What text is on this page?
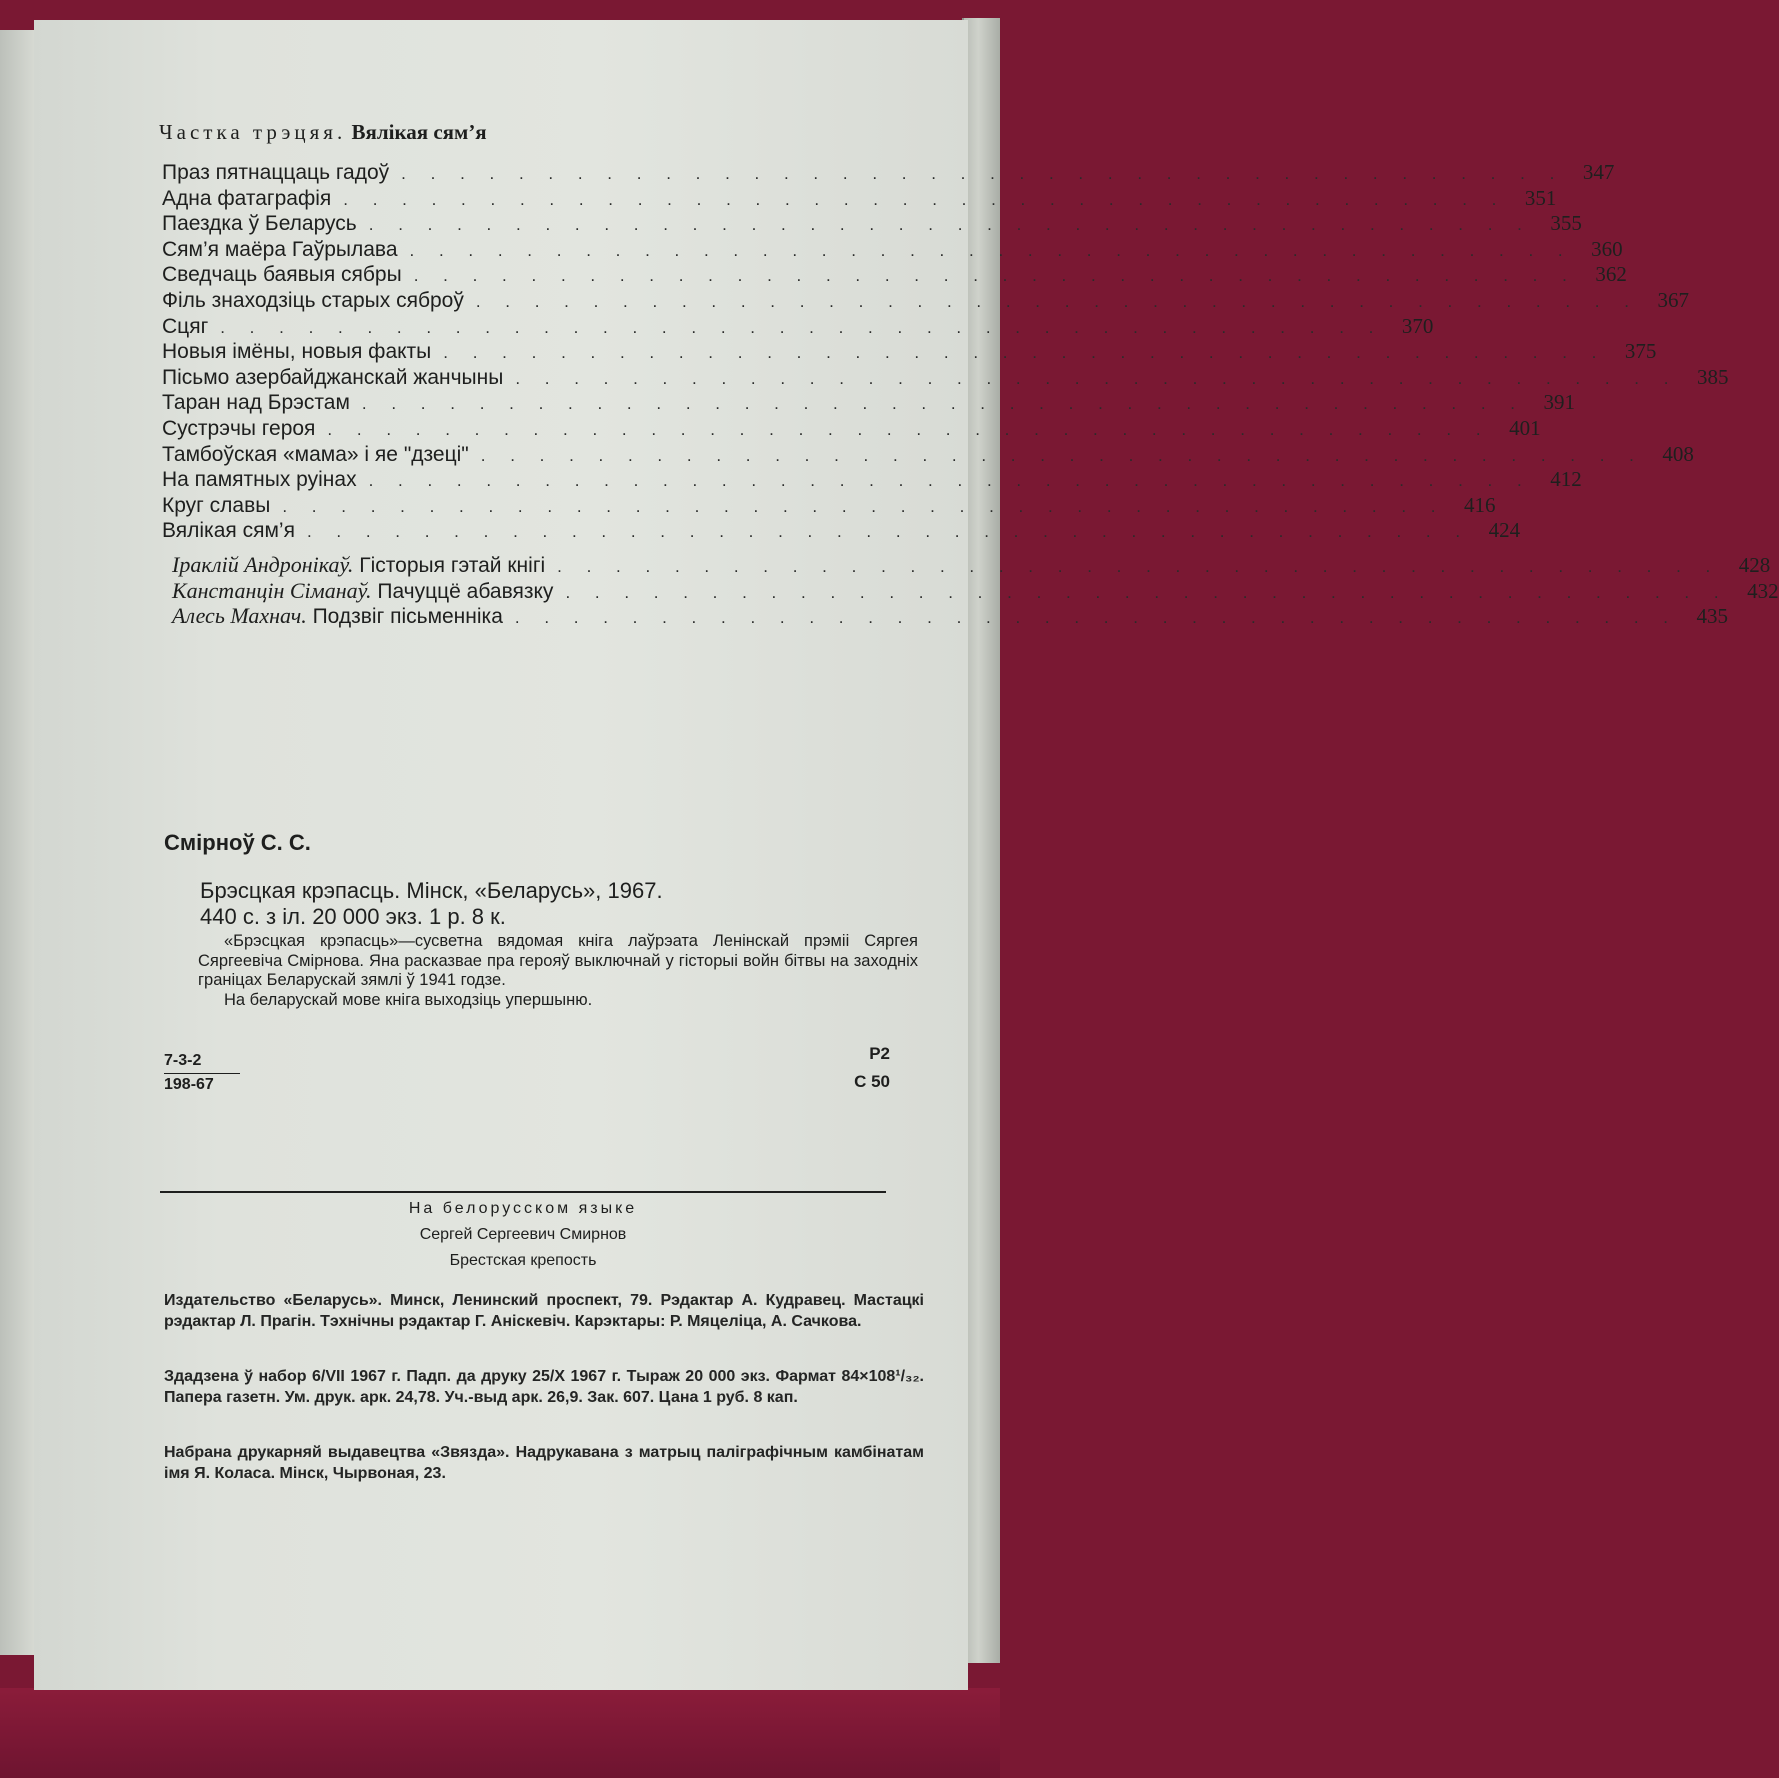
Частка трэцяя. Вялікая сям’я
Праз пятнаццаць гадоў . . . . . . . . . . . . . . . . . . . . . . . . . . . . . . . . . . . . . . . . 347
Адна фатаграфія . . . . . . . . . . . . . . . . . . . . . . . . . . . . . . . . . . . . . . . . 351
Паездка ў Беларусь . . . . . . . . . . . . . . . . . . . . . . . . . . . . . . . . . . . . . . . . 355
Сям’я маёра Гаўрылава . . . . . . . . . . . . . . . . . . . . . . . . . . . . . . . . . . . . . . . . 360
Сведчаць баявыя сябры . . . . . . . . . . . . . . . . . . . . . . . . . . . . . . . . . . . . . . . . 362
Філь знаходзіць старых сяброў . . . . . . . . . . . . . . . . . . . . . . . . . . . . . . . . . . . . . . . . 367
Сцяг . . . . . . . . . . . . . . . . . . . . . . . . . . . . . . . . . . . . . . . . 370
Новыя імёны, новыя факты . . . . . . . . . . . . . . . . . . . . . . . . . . . . . . . . . . . . . . . . 375
Пісьмо азербайджанскай жанчыны . . . . . . . . . . . . . . . . . . . . . . . . . . . . . . . . . . . . . . . . 385
Таран над Брэстам . . . . . . . . . . . . . . . . . . . . . . . . . . . . . . . . . . . . . . . . 391
Сустрэчы героя . . . . . . . . . . . . . . . . . . . . . . . . . . . . . . . . . . . . . . . . 401
Тамбоўская «мама» і яе "дзеці" . . . . . . . . . . . . . . . . . . . . . . . . . . . . . . . . . . . . . . . . 408
На памятных руінах . . . . . . . . . . . . . . . . . . . . . . . . . . . . . . . . . . . . . . . . 412
Круг славы . . . . . . . . . . . . . . . . . . . . . . . . . . . . . . . . . . . . . . . . 416
Вялікая сям’я . . . . . . . . . . . . . . . . . . . . . . . . . . . . . . . . . . . . . . . . 424
Іраклій Андронікаў. Гісторыя гэтай кнігі . . . . . . . . . . . . . . . . . . . . . . . . . . . . . . . . . . . . . . . . 428
Канстанцін Сіманаў. Пачуццё абавязку . . . . . . . . . . . . . . . . . . . . . . . . . . . . . . . . . . . . . . . . 432
Алесь Махнач. Подзвіг пісьменніка . . . . . . . . . . . . . . . . . . . . . . . . . . . . . . . . . . . . . . . . 435
Смірноў С. С.
Брэсцкая крэпасць. Мінск, «Беларусь», 1967.
440 с. з іл. 20 000 экз. 1 р. 8 к.

«Брэсцкая крэпасць»—сусветна вядомая кніга лаўрэата Ленінскай прэміі Сяргея Сяргеевіча Смірнова. Яна расказвае пра герояў выключнай у гісторыі войн бітвы на заходніх граніцах Беларускай зямлі ў 1941 годзе.

На беларускай мове кніга выходзіць упершыню.

7-3-2
198-67
Р2
С 50
На белорусском языке
Сергей Сергеевич Смирнов
Брестская крепость

Издательство «Беларусь». Минск, Ленинский проспект, 79. Рэдактар А. Кудравец. Мастацкі рэдактар Л. Прагін. Тэхнічны рэдактар Г. Аніскевіч. Карэктары: Р. Мяцеліца, А. Сачкова.

Здадзена ў набор 6/VII 1967 г. Падп. да друку 25/X 1967 г. Тыраж 20 000 экз. Фармат 84×108¹/₃₂. Папера газетн. Ум. друк. арк. 24,78. Уч.-выд арк. 26,9. Зак. 607. Цана 1 руб. 8 кап.

Набрана друкарняй выдавецтва «Звязда». Надрукавана з матрыц паліграфічным камбінатам імя Я. Коласа. Мінск, Чырвоная, 23.
